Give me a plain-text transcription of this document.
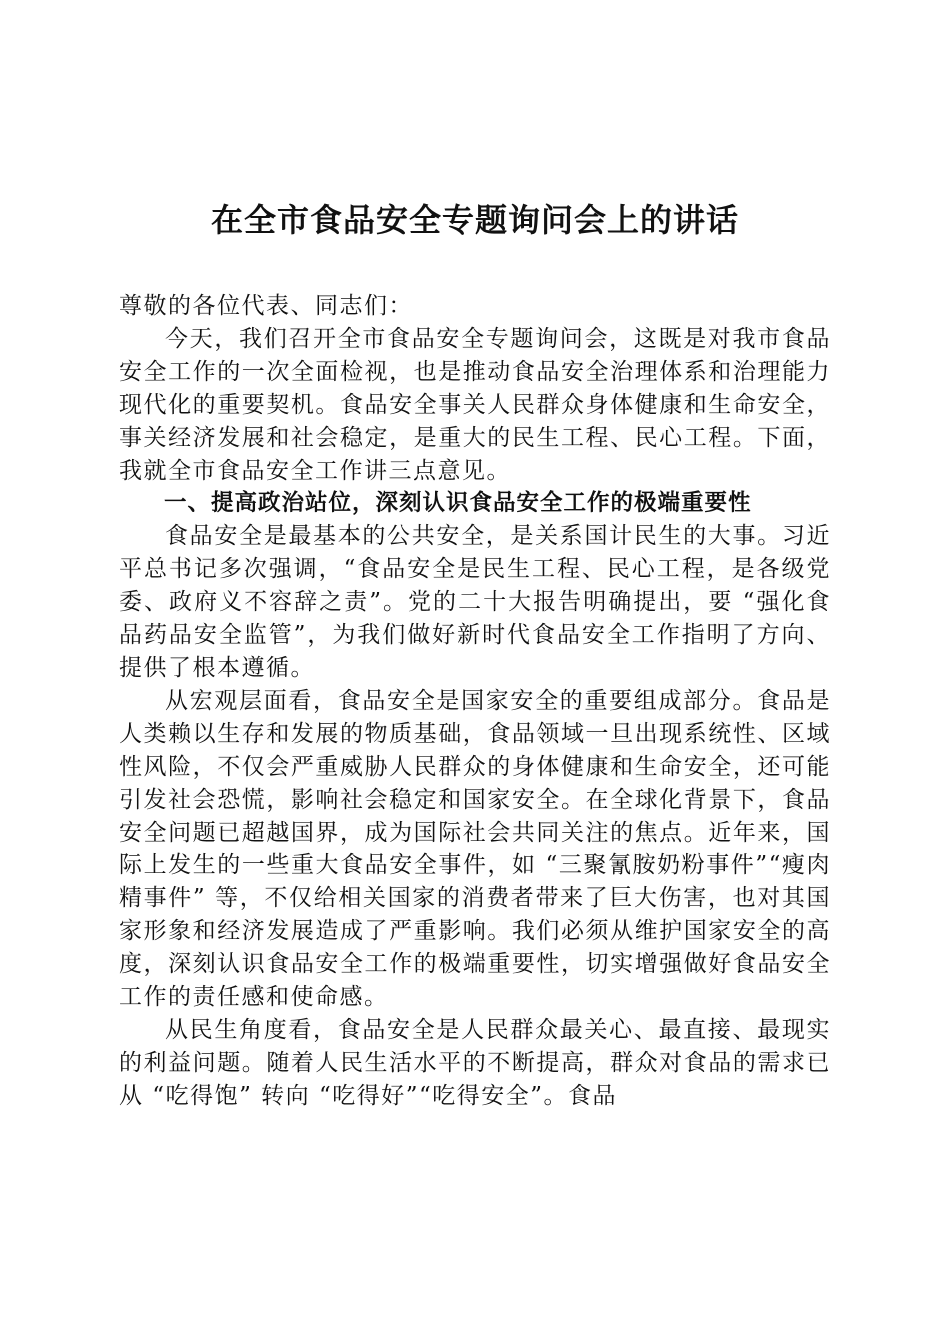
在全市食品安全专题询问会上的讲话

尊敬的各位代表、同志们：

今天，我们召开全市食品安全专题询问会，这既是对我市食品安全工作的一次全面检视，也是推动食品安全治理体系和治理能力现代化的重要契机。食品安全事关人民群众身体健康和生命安全，事关经济发展和社会稳定，是重大的民生工程、民心工程。下面，我就全市食品安全工作讲三点意见。

一、提高政治站位，深刻认识食品安全工作的极端重要性

食品安全是最基本的公共安全，是关系国计民生的大事。习近平总书记多次强调，“食品安全是民生工程、民心工程，是各级党委、政府义不容辞之责”。党的二十大报告明确提出，要 “强化食品药品安全监管”，为我们做好新时代食品安全工作指明了方向、提供了根本遵循。

从宏观层面看，食品安全是国家安全的重要组成部分。食品是人类赖以生存和发展的物质基础，食品领域一旦出现系统性、区域性风险，不仅会严重威胁人民群众的身体健康和生命安全，还可能引发社会恐慌，影响社会稳定和国家安全。在全球化背景下，食品安全问题已超越国界，成为国际社会共同关注的焦点。近年来，国际上发生的一些重大食品安全事件，如 “三聚氰胺奶粉事件”“瘦肉精事件” 等，不仅给相关国家的消费者带来了巨大伤害，也对其国家形象和经济发展造成了严重影响。我们必须从维护国家安全的高度，深刻认识食品安全工作的极端重要性，切实增强做好食品安全工作的责任感和使命感。

从民生角度看，食品安全是人民群众最关心、最直接、最现实的利益问题。随着人民生活水平的不断提高，群众对食品的需求已从 “吃得饱” 转向 “吃得好”“吃得安全”。食品
